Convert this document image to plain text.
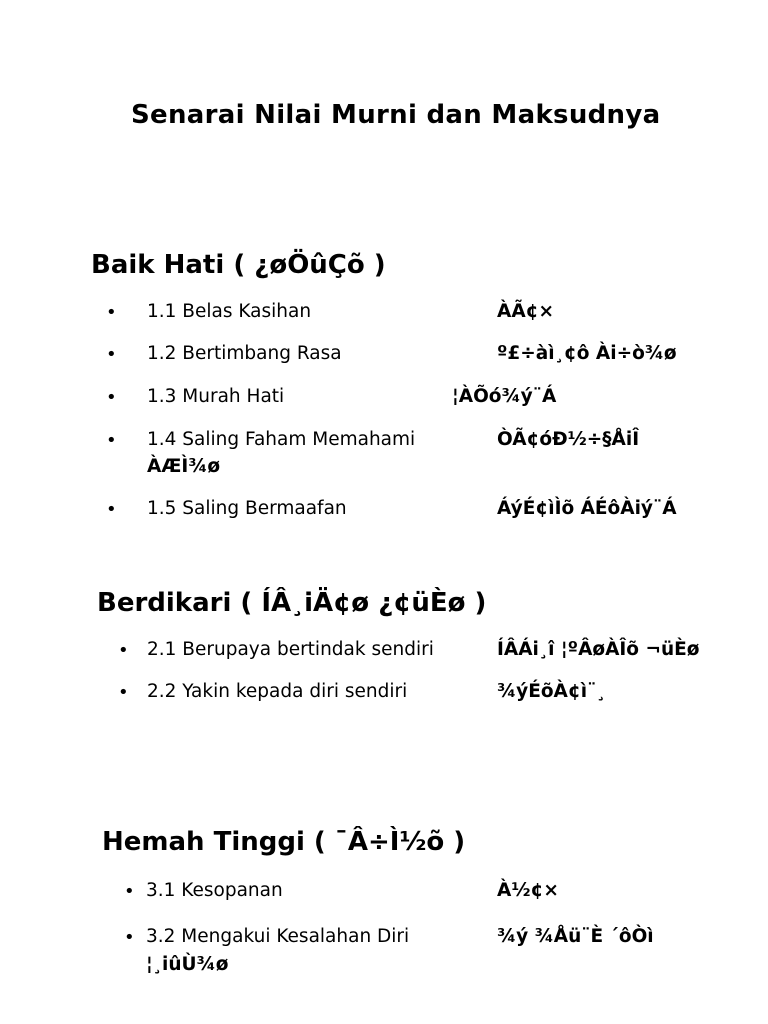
Senarai Nilai Murni dan Maksudnya
Baik Hati ( ¿øÖûÇõ )
• 1.1 Belas Kasihan	ÀÃ¢×
• 1.2 Bertimbang Rasa	º£÷àì¸¢ô Ài÷ò¾ø
• 1.3 Murah Hati	¦ÀÕó¾ý¨Á
• 1.4 Saling Faham Memahami	ÒÃ¢óÐ½÷§ÅiÎ
ÀÆÌ¾ø
• 1.5 Saling Bermaafan	ÁýÉ¢ìÌõ ÁÉôÀiý¨Á
Berdikari ( ÍÂ¸iÄ¢ø ¿¢üÈø )
• 2.1 Berupaya bertindak sendiri	ÍÂÁi¸î ¦ºÂøÀÎõ ¬üÈø
• 2.2 Yakin kepada diri sendiri	¾ýÉõÀ¢ì¨¸
Hemah Tinggi ( ¯Â÷Ì½õ )
• 3.1 Kesopanan	À½¢×
• 3.2 Mengakui Kesalahan Diri	¾ý ¾Åü¨È ´ôÒì
¦¸iûÙ¾ø
